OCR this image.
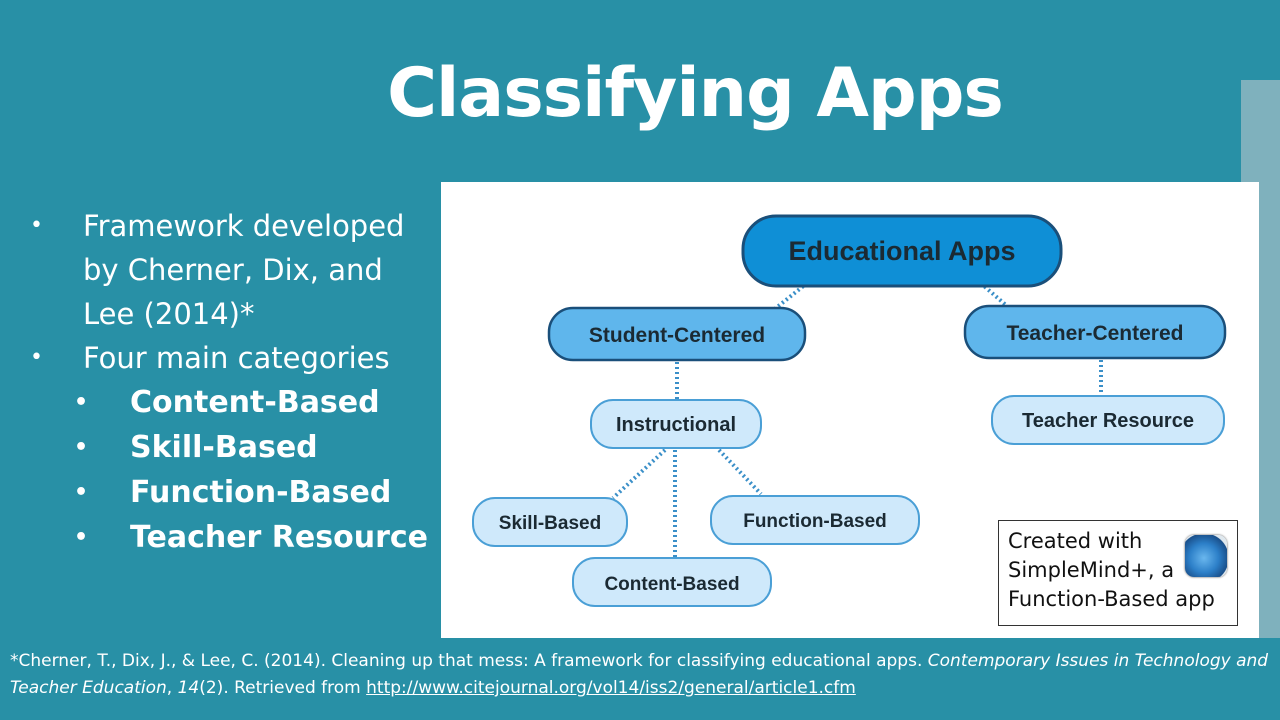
Classifying Apps
• Framework developed by Cherner, Dix, and Lee (2014)*
• Four main categories
• Content-Based
• Skill-Based
• Function-Based
• Teacher Resource
Educational Apps
Student-Centered	Teacher-Centered
Instructional	Teacher Resource
Skill-Based	Function-Based
Content-Based
Created with
SimpleMind+, a
Function-Based app
*Cherner, T., Dix, J., & Lee, C. (2014). Cleaning up that mess: A framework for classifying educational apps. Contemporary Issues in Technology and Teacher Education, 14(2). Retrieved from http://www.citejournal.org/vol14/iss2/general/article1.cfm
